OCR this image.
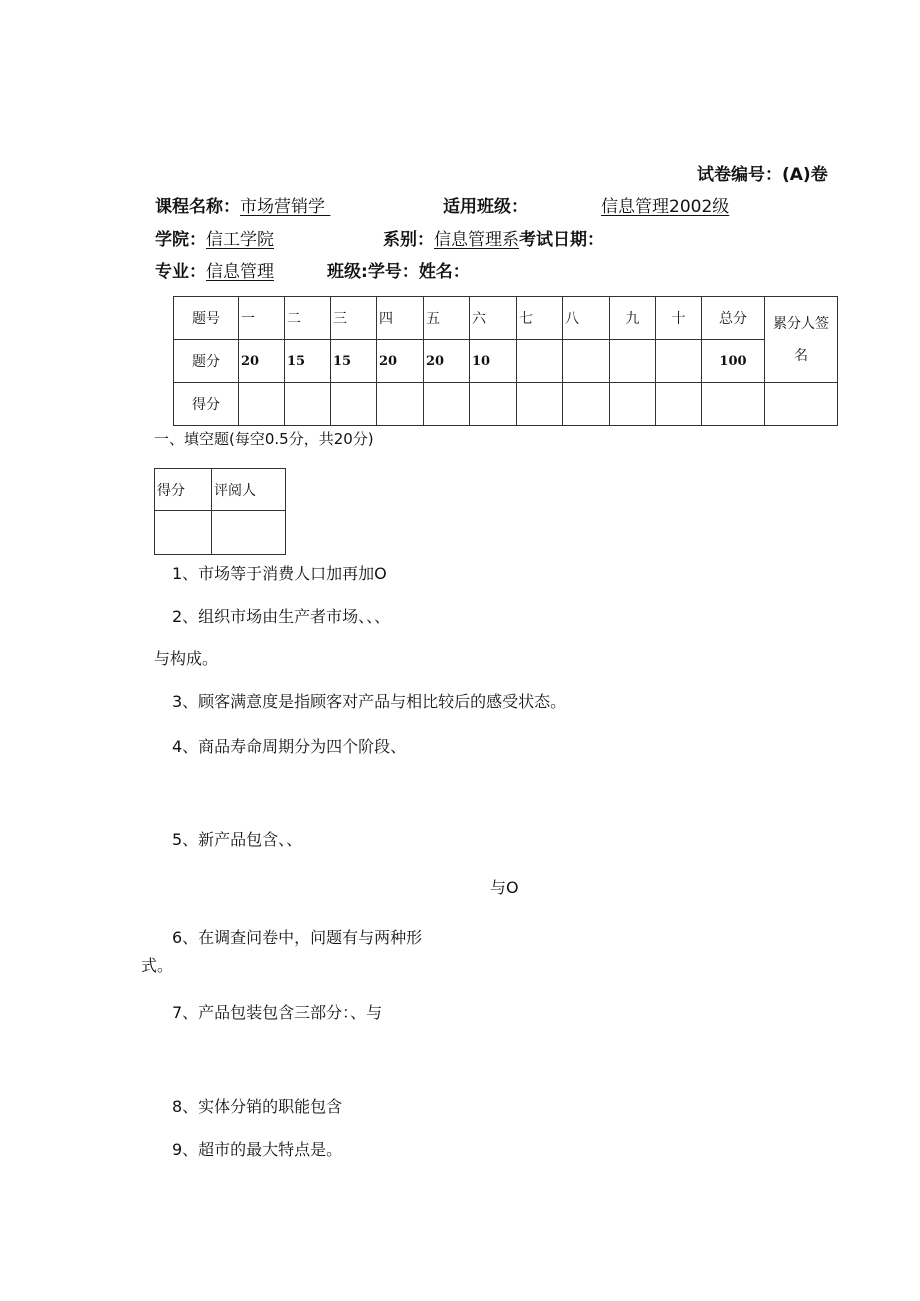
试卷编号：(A)卷
课程名称：市场营销学	适用班级：	信息管理2002级
学院：信工学院	系别：信息管理系考试日期：
专业：信息管理	班级:学号：姓名：
题号	一	二	三	四	五	六	七	八	九	十	总分	累分人签名
题分	20	15	15	20	20	10					100	
得分												
一、填空题(每空0.5分，共20分)
得分	评阅人

1、市场等于消费人口加再加O
2、组织市场由生产者市场、、、
与构成。
3、顾客满意度是指顾客对产品与相比较后的感受状态。
4、商品寿命周期分为四个阶段、
5、新产品包含、、
与O
6、在调查问卷中，问题有与两种形
式。
7、产品包装包含三部分：、与
8、实体分销的职能包含
9、超市的最大特点是。
